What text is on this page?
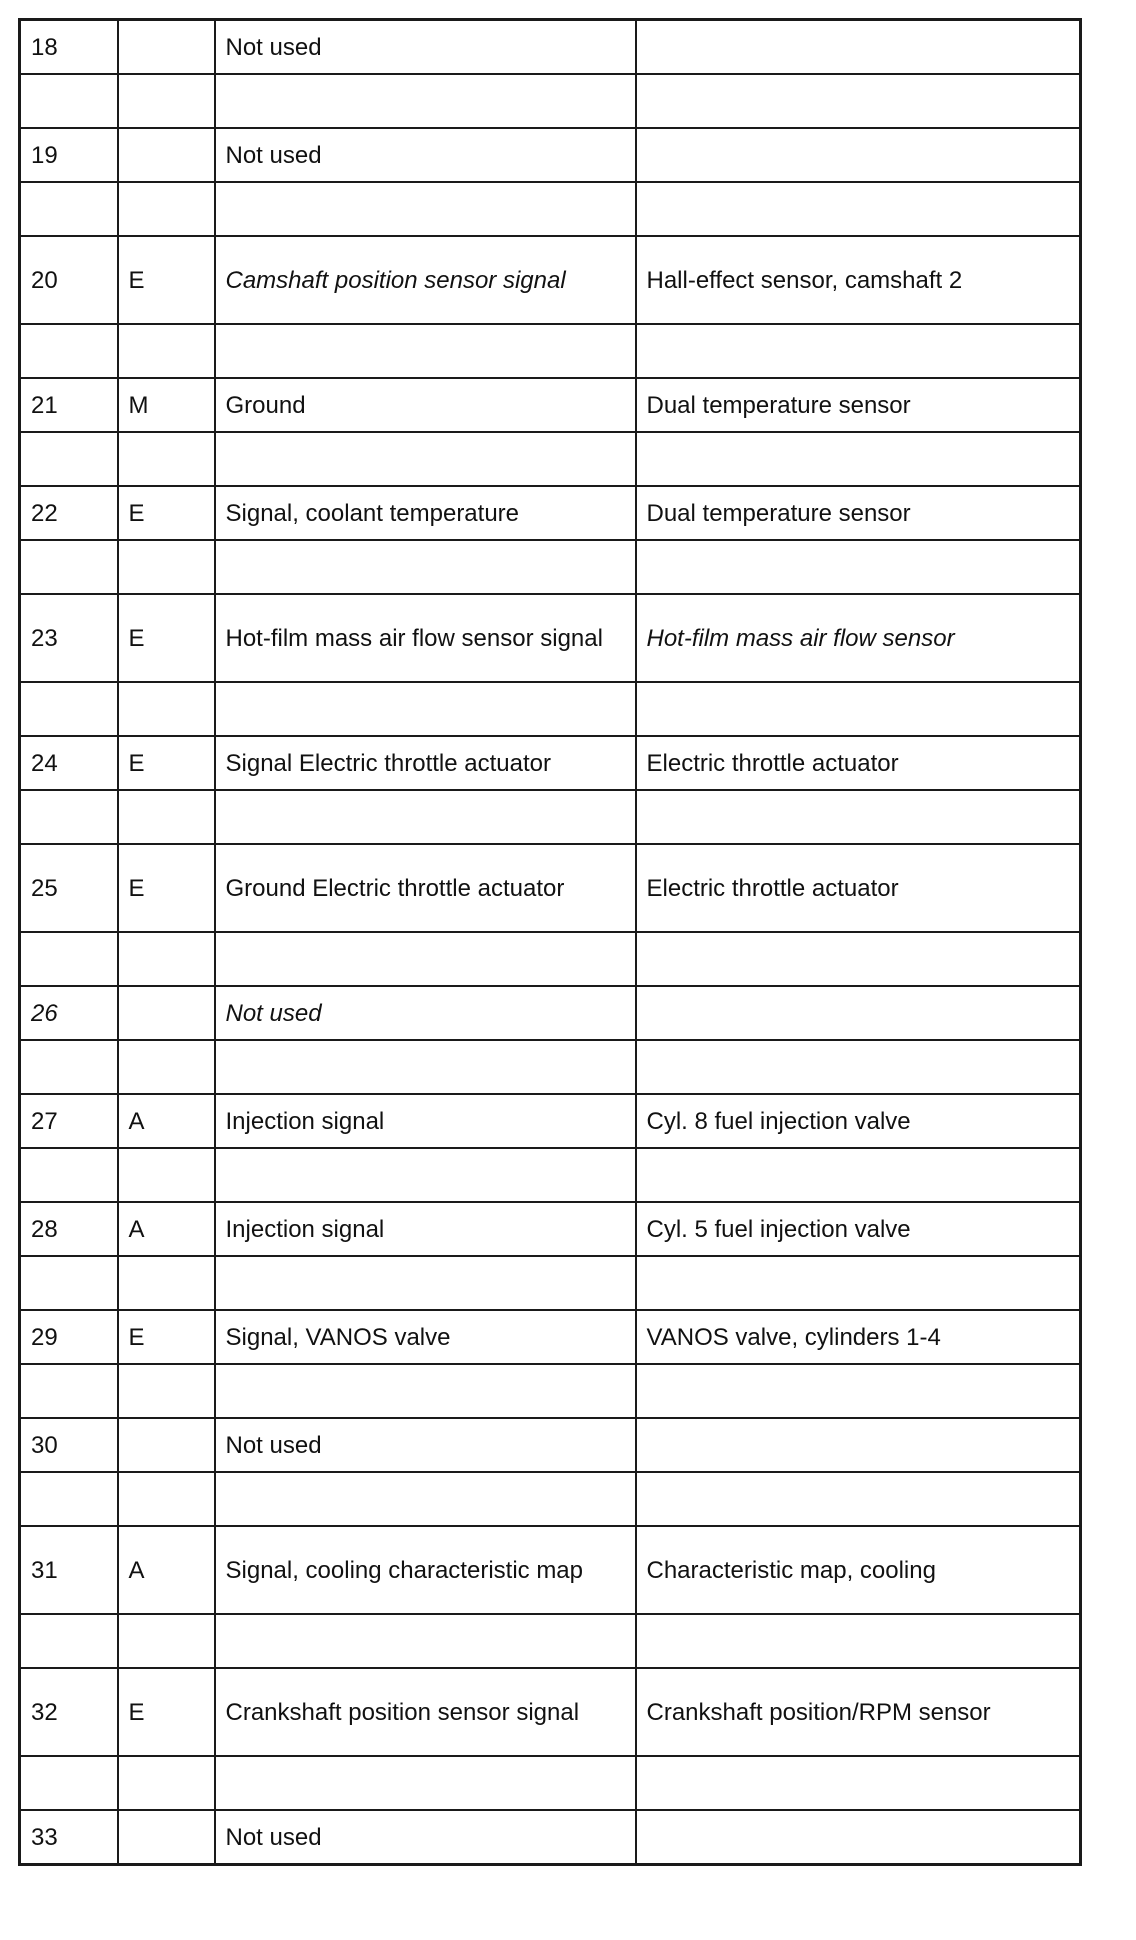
18		Not used	

19		Not used	

20	E	Camshaft position sensor signal	Hall-effect sensor, camshaft 2

21	M	Ground	Dual temperature sensor

22	E	Signal, coolant temperature	Dual temperature sensor

23	E	Hot-film mass air flow sensor signal	Hot-film mass air flow sensor

24	E	Signal Electric throttle actuator	Electric throttle actuator

25	E	Ground Electric throttle actuator	Electric throttle actuator

26		Not used	

27	A	Injection signal	Cyl. 8 fuel injection valve

28	A	Injection signal	Cyl. 5 fuel injection valve

29	E	Signal, VANOS valve	VANOS valve, cylinders 1-4

30		Not used	

31	A	Signal, cooling characteristic map	Characteristic map, cooling

32	E	Crankshaft position sensor signal	Crankshaft position/RPM sensor

33		Not used	
